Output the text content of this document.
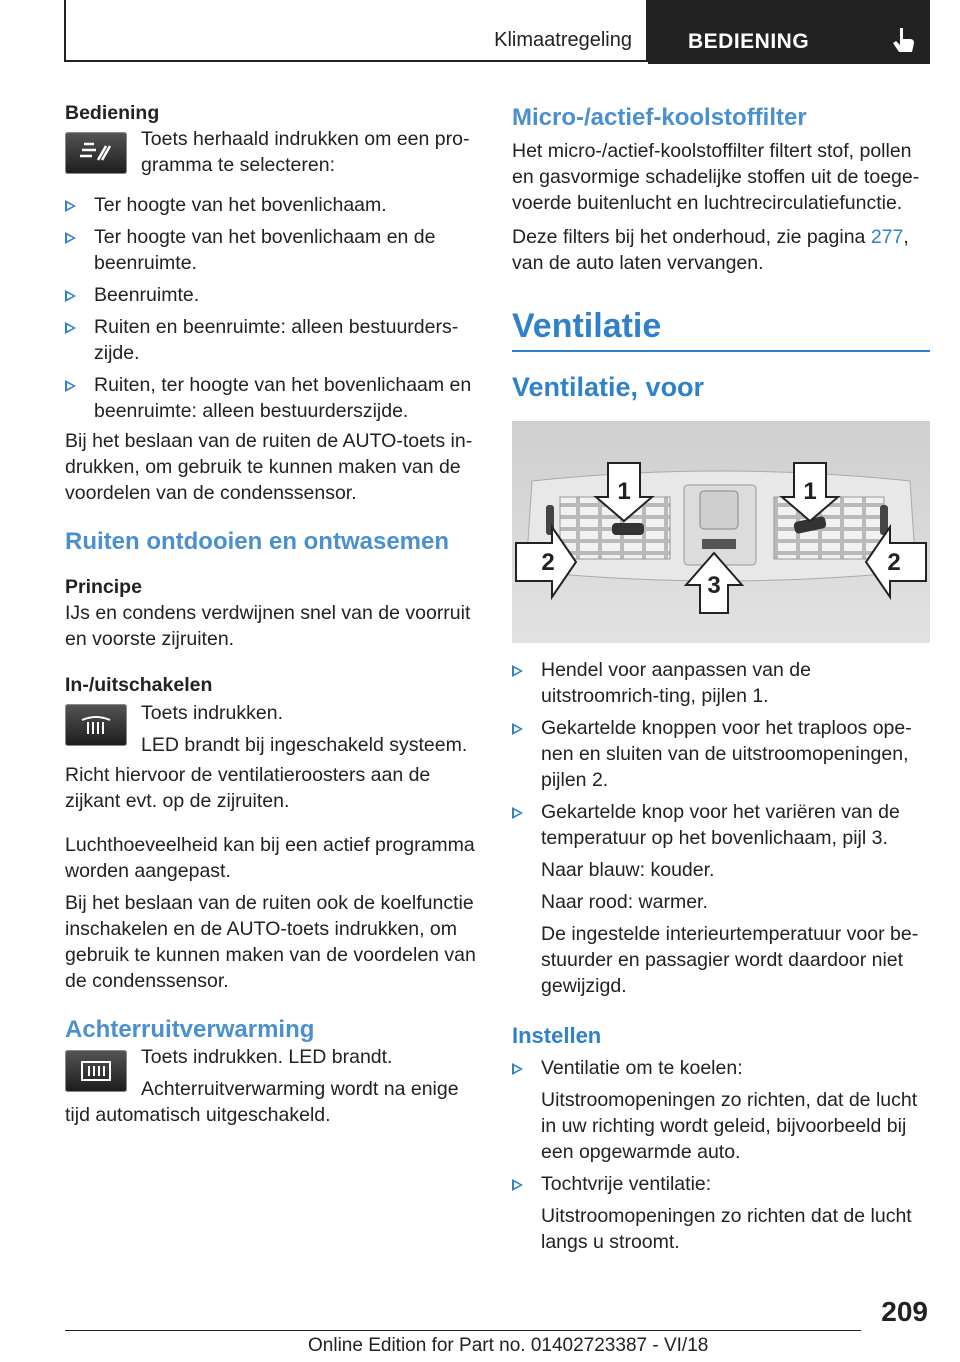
Klimaatregeling	BEDIENING

Bediening

Toets herhaald indrukken om een pro-gramma te selecteren:

Ter hoogte van het bovenlichaam.
Ter hoogte van het bovenlichaam en de beenruimte.
Beenruimte.
Ruiten en beenruimte: alleen bestuurders-zijde.
Ruiten, ter hoogte van het bovenlichaam en beenruimte: alleen bestuurderszijde.

Bij het beslaan van de ruiten de AUTO-toets in-drukken, om gebruik te kunnen maken van de voordelen van de condenssensor.

Ruiten ontdooien en ontwasemen

Principe

IJs en condens verdwijnen snel van de voorruit en voorste zijruiten.

In-/uitschakelen

Toets indrukken.

LED brandt bij ingeschakeld systeem.

Richt hiervoor de ventilatieroosters aan de zijkant evt. op de zijruiten.

Luchthoeveelheid kan bij een actief programma worden aangepast.

Bij het beslaan van de ruiten ook de koelfunctie inschakelen en de AUTO-toets indrukken, om gebruik te kunnen maken van de voordelen van de condenssensor.

Achterruitverwarming

Toets indrukken. LED brandt.

Achterruitverwarming wordt na enige

tijd automatisch uitgeschakeld.

Micro-/actief-koolstoffilter

Het micro-/actief-koolstoffilter filtert stof, pollen en gasvormige schadelijke stoffen uit de toege-voerde buitenlucht en luchtrecirculatiefunctie.

Deze filters bij het onderhoud, zie pagina 277, van de auto laten vervangen.

Ventilatie
Ventilatie, voor
1	1
2	2
3
Hendel voor aanpassen van de uitstroomrich-ting, pijlen 1.
Gekartelde knoppen voor het traploos ope-nen en sluiten van de uitstroomopeningen, pijlen 2.
Gekartelde knop voor het variëren van de temperatuur op het bovenlichaam, pijl 3.

Naar blauw: kouder.

Naar rood: warmer.

De ingestelde interieurtemperatuur voor be-stuurder en passagier wordt daardoor niet gewijzigd.

Instellen
Ventilatie om te koelen:

Uitstroomopeningen zo richten, dat de lucht in uw richting wordt geleid, bijvoorbeeld bij een opgewarmde auto.

Tochtvrije ventilatie:

Uitstroomopeningen zo richten dat de lucht langs u stroomt.

209
Online Edition for Part no. 01402723387 - VI/18
